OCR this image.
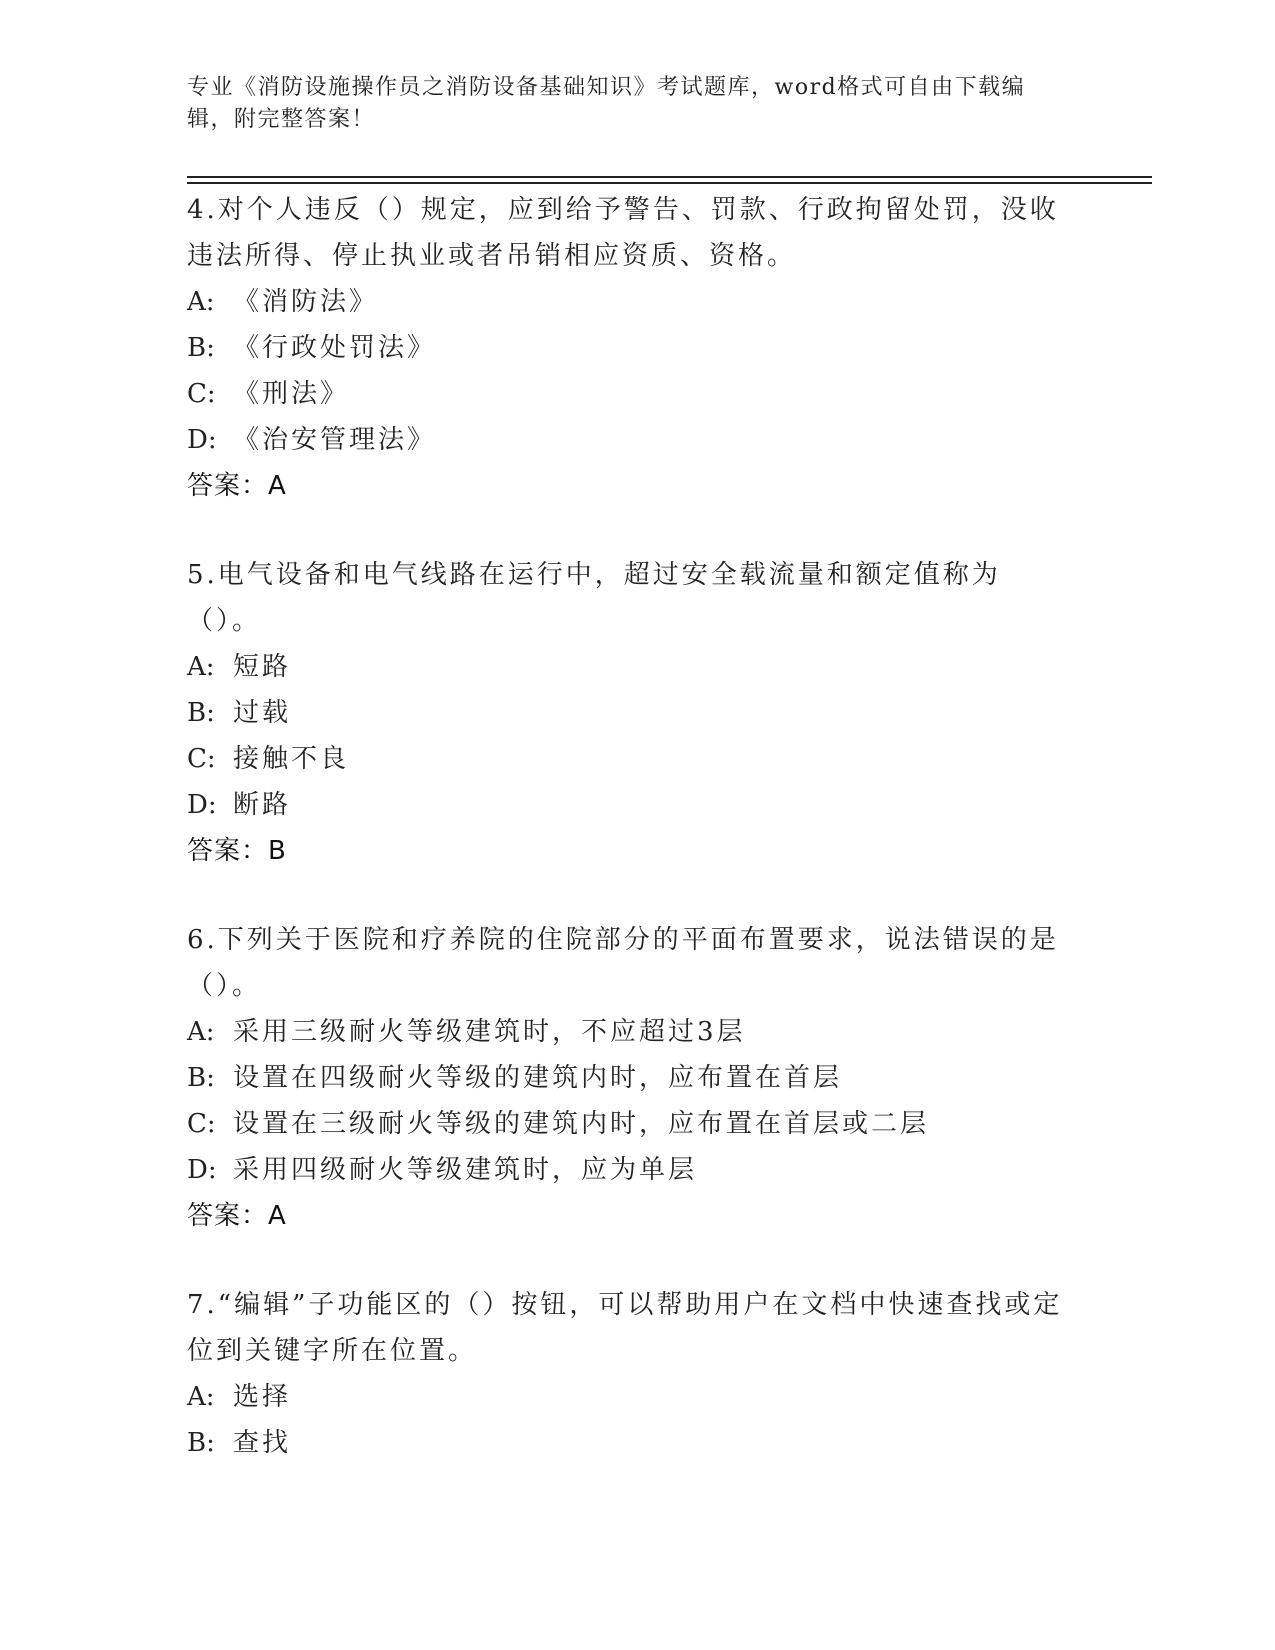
专业《消防设施操作员之消防设备基础知识》考试题库，word格式可自由下载编辑，附完整答案！
4.对个人违反（）规定，应到给予警告、罚款、行政拘留处罚，没收违法所得、停止执业或者吊销相应资质、资格。
A: 《消防法》
B: 《行政处罚法》
C: 《刑法》
D: 《治安管理法》
答案：A
5.电气设备和电气线路在运行中，超过安全载流量和额定值称为（）。
A: 短路
B: 过载
C: 接触不良
D: 断路
答案：B
6.下列关于医院和疗养院的住院部分的平面布置要求，说法错误的是（）。
A: 采用三级耐火等级建筑时，不应超过3层
B: 设置在四级耐火等级的建筑内时，应布置在首层
C: 设置在三级耐火等级的建筑内时，应布置在首层或二层
D: 采用四级耐火等级建筑时，应为单层
答案：A
7.“编辑”子功能区的（）按钮，可以帮助用户在文档中快速查找或定位到关键字所在位置。
A: 选择
B: 查找
